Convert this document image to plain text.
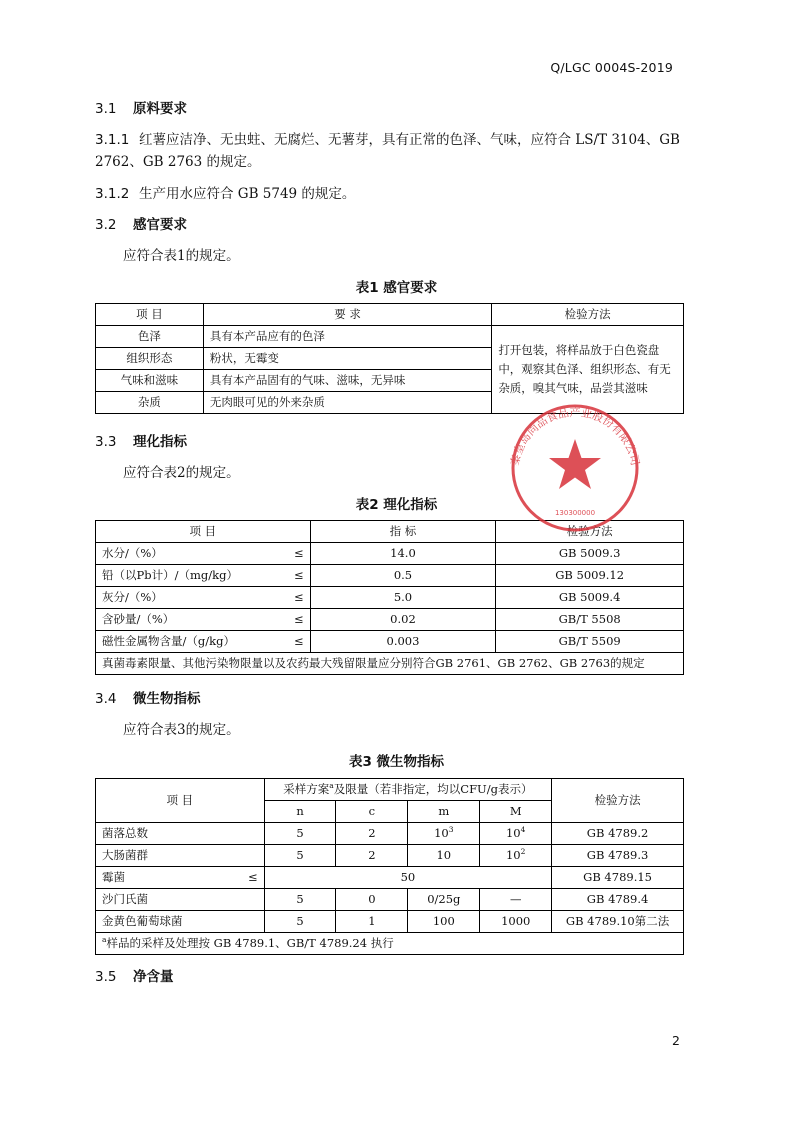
Q/LGC 0004S-2019
3.1 原料要求
3.1.1 红薯应洁净、无虫蛀、无腐烂、无薯芽，具有正常的色泽、气味，应符合 LS/T 3104、GB
2762、GB 2763 的规定。
3.1.2 生产用水应符合 GB 5749 的规定。
3.2 感官要求
应符合表1的规定。
表1 感官要求
项 目	要 求	检验方法
色泽	具有本产品应有的色泽	打开包装，将样品放于白色瓷盘中，观察其色泽、组织形态、有无杂质，嗅其气味，品尝其滋味
组织形态	粉状，无霉变	
气味和滋味	具有本产品固有的气味、滋味，无异味	
杂质	无肉眼可见的外来杂质	
3.3 理化指标
应符合表2的规定。
表2 理化指标
项 目	指 标	检验方法
水分/（%） ≤	14.0	GB 5009.3
铅（以Pb计）/（mg/kg） ≤	0.5	GB 5009.12
灰分/（%） ≤	5.0	GB 5009.4
含砂量/（%） ≤	0.02	GB/T 5508
磁性金属物含量/（g/kg） ≤	0.003	GB/T 5509
真菌毒素限量、其他污染物限量以及农药最大残留限量应分别符合GB 2761、GB 2762、GB 2763的规定		
3.4 微生物指标
应符合表3的规定。
表3 微生物指标
项 目	采样方案$^a$及限量（若非指定，均以CFU/g表示）				检验方法
	n	c	m	M	
菌落总数	5	2	$10^3$	$10^4$	GB 4789.2
大肠菌群	5	2	10	$10^2$	GB 4789.3
霉菌 ≤	50				GB 4789.15
沙门氏菌	5	0	0/25g	—	GB 4789.4
金黄色葡萄球菌	5	1	100	1000	GB 4789.10第二法
$^a$样品的采样及处理按 GB 4789.1、GB/T 4789.24 执行					
3.5 净含量
2
秦皇岛尚品食品产业股份有限公司
130300000
